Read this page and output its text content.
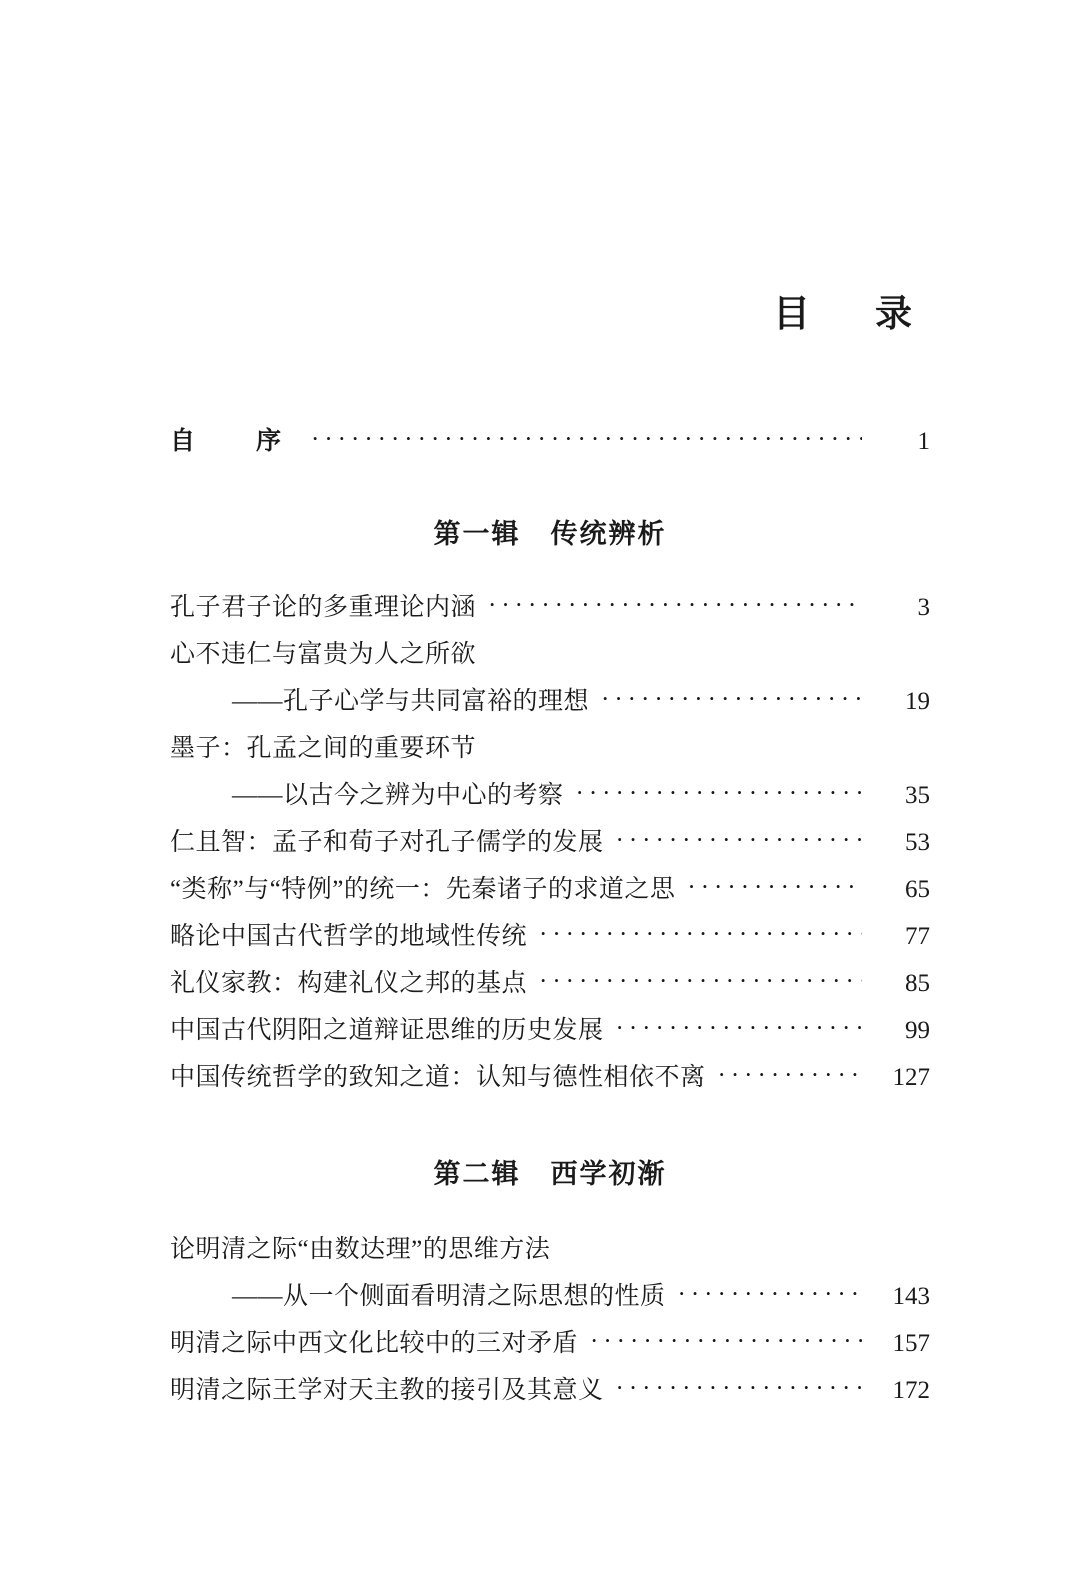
目　录
自　序 ·····	1
第一辑 传统辨析
孔子君子论的多重理论内涵 ·····	3
心不违仁与富贵为人之所欲
——孔子心学与共同富裕的理想 ·····	19
墨子：孔孟之间的重要环节
——以古今之辨为中心的考察 ·····	35
仁且智：孟子和荀子对孔子儒学的发展 ·····	53
“类称”与“特例”的统一：先秦诸子的求道之思 ·····	65
略论中国古代哲学的地域性传统 ·····	77
礼仪家教：构建礼仪之邦的基点 ·····	85
中国古代阴阳之道辩证思维的历史发展 ·····	99
中国传统哲学的致知之道：认知与德性相依不离 ·····	127
第二辑 西学初渐
论明清之际“由数达理”的思维方法
——从一个侧面看明清之际思想的性质 ·····	143
明清之际中西文化比较中的三对矛盾 ·····	157
明清之际王学对天主教的接引及其意义 ·····	172
